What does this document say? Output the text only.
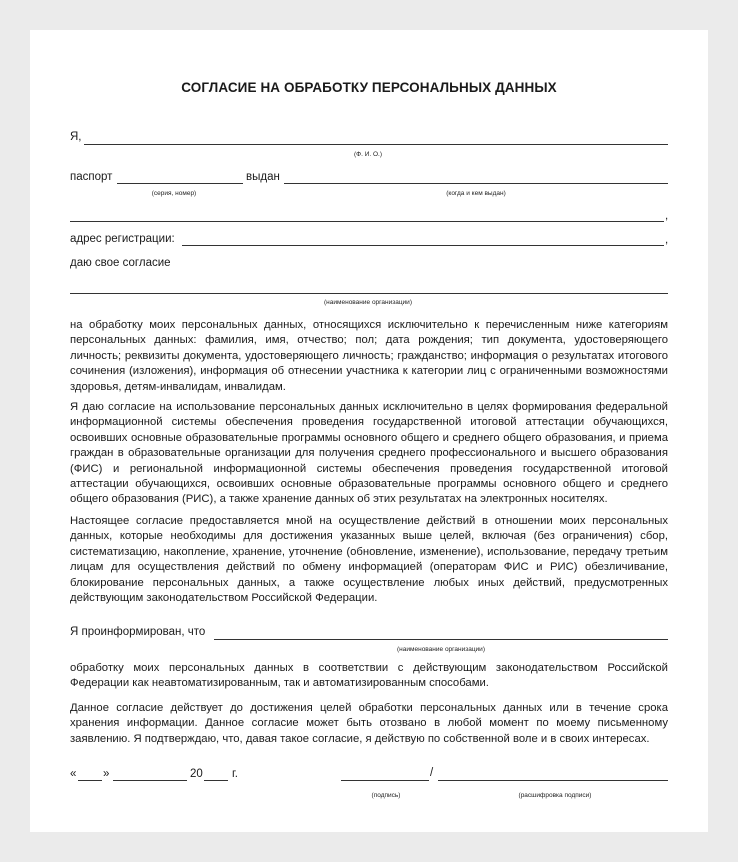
СОГЛАСИЕ НА ОБРАБОТКУ ПЕРСОНАЛЬНЫХ ДАННЫХ
Я,
(Ф. И. О.)
паспорт	выдан
(серия, номер)	(когда и кем выдан)
,
адрес регистрации:	,
даю свое согласие
(наименование организации)

на обработку моих персональных данных, относящихся исключительно к перечисленным ниже категориям персональных данных: фамилия, имя, отчество; пол; дата рождения; тип документа, удостоверяющего личность; реквизиты документа, удостоверяющего личность; гражданство; информация о результатах итогового сочинения (изложения), информация об отнесении участника к категории лиц с ограниченными возможностями здоровья, детям-инвалидам, инвалидам.

Я даю согласие на использование персональных данных исключительно в целях формирования федеральной информационной системы обеспечения проведения государственной итоговой аттестации обучающихся, освоивших основные образовательные программы основного общего и среднего общего образования, и приема граждан в образовательные организации для получения среднего профессионального и высшего образования (ФИС) и региональной информационной системы обеспечения проведения государственной итоговой аттестации обучающихся, освоивших основные образовательные программы основного общего и среднего общего образования (РИС), а также хранение данных об этих результатах на электронных носителях.

Настоящее согласие предоставляется мной на осуществление действий в отношении моих персональных данных, которые необходимы для достижения указанных выше целей, включая (без ограничения) сбор, систематизацию, накопление, хранение, уточнение (обновление, изменение), использование, передачу третьим лицам для осуществления действий по обмену информацией (операторам ФИС и РИС) обезличивание, блокирование персональных данных, а также осуществление любых иных действий, предусмотренных действующим законодательством Российской Федерации.

Я проинформирован, что
(наименование организации)

обработку моих персональных данных в соответствии с действующим законодательством Российской Федерации как неавтоматизированным, так и автоматизированным способами.

Данное согласие действует до достижения целей обработки персональных данных или в течение срока хранения информации. Данное согласие может быть отозвано в любой момент по моему письменному заявлению. Я подтверждаю, что, давая такое согласие, я действую по собственной воле и в своих интересах.

« »	20	г.	/
(подпись)	(расшифровка подписи)
